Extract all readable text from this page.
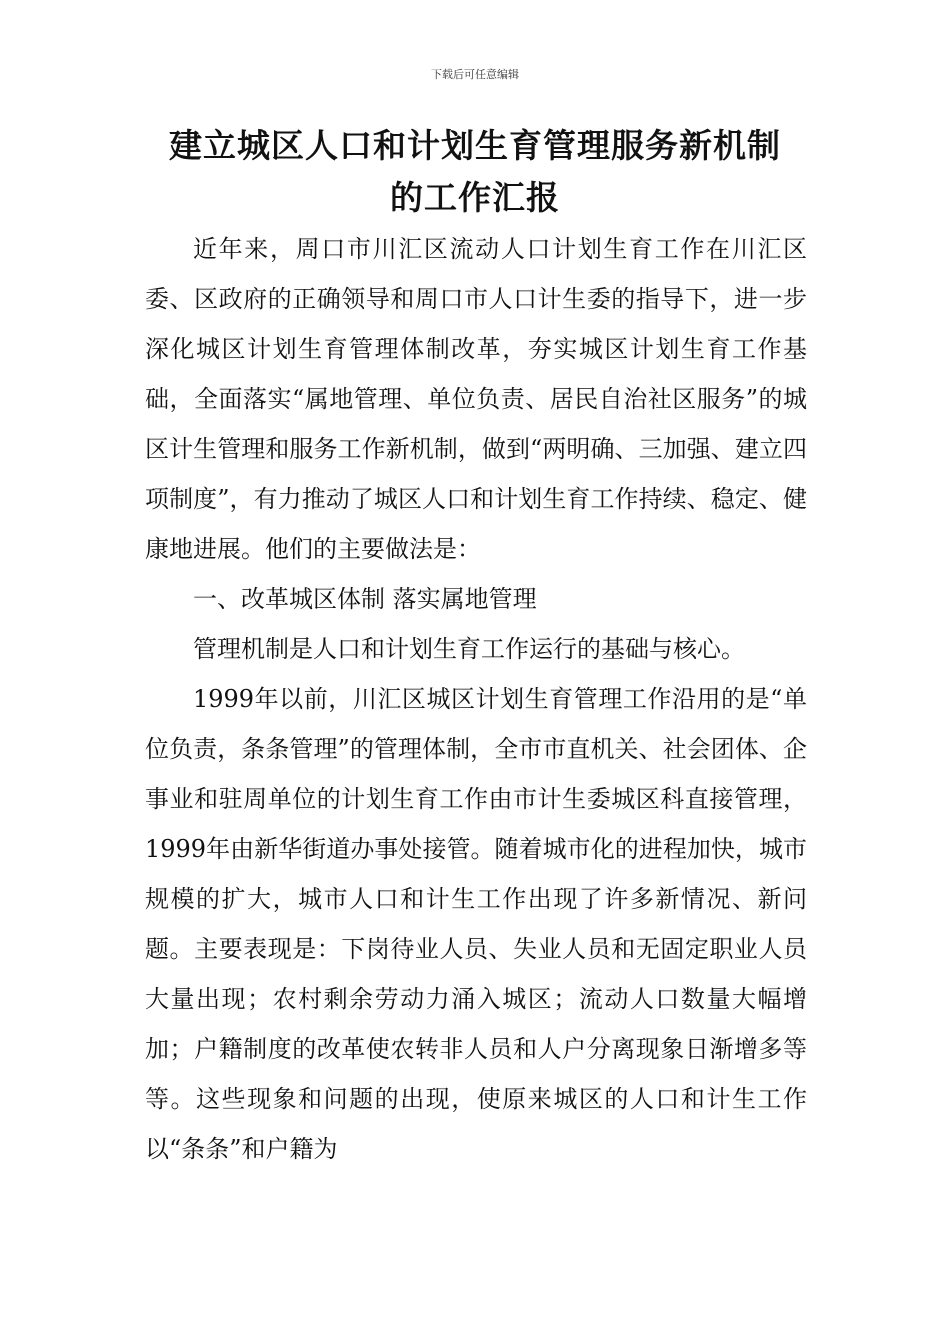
下载后可任意编辑
建立城区人口和计划生育管理服务新机制
的工作汇报

近年来，周口市川汇区流动人口计划生育工作在川汇区委、区政府的正确领导和周口市人口计生委的指导下，进一步深化城区计划生育管理体制改革，夯实城区计划生育工作基础，全面落实“属地管理、单位负责、居民自治社区服务”的城区计生管理和服务工作新机制，做到“两明确、三加强、建立四项制度”，有力推动了城区人口和计划生育工作持续、稳定、健康地进展。他们的主要做法是：

一、改革城区体制 落实属地管理

管理机制是人口和计划生育工作运行的基础与核心。

1999年以前，川汇区城区计划生育管理工作沿用的是“单位负责，条条管理”的管理体制，全市市直机关、社会团体、企事业和驻周单位的计划生育工作由市计生委城区科直接管理，1999年由新华街道办事处接管。随着城市化的进程加快，城市规模的扩大，城市人口和计生工作出现了许多新情况、新问题。主要表现是：下岗待业人员、失业人员和无固定职业人员大量出现；农村剩余劳动力涌入城区；流动人口数量大幅增加；户籍制度的改革使农转非人员和人户分离现象日渐增多等等。这些现象和问题的出现，使原来城区的人口和计生工作以“条条”和户籍为
